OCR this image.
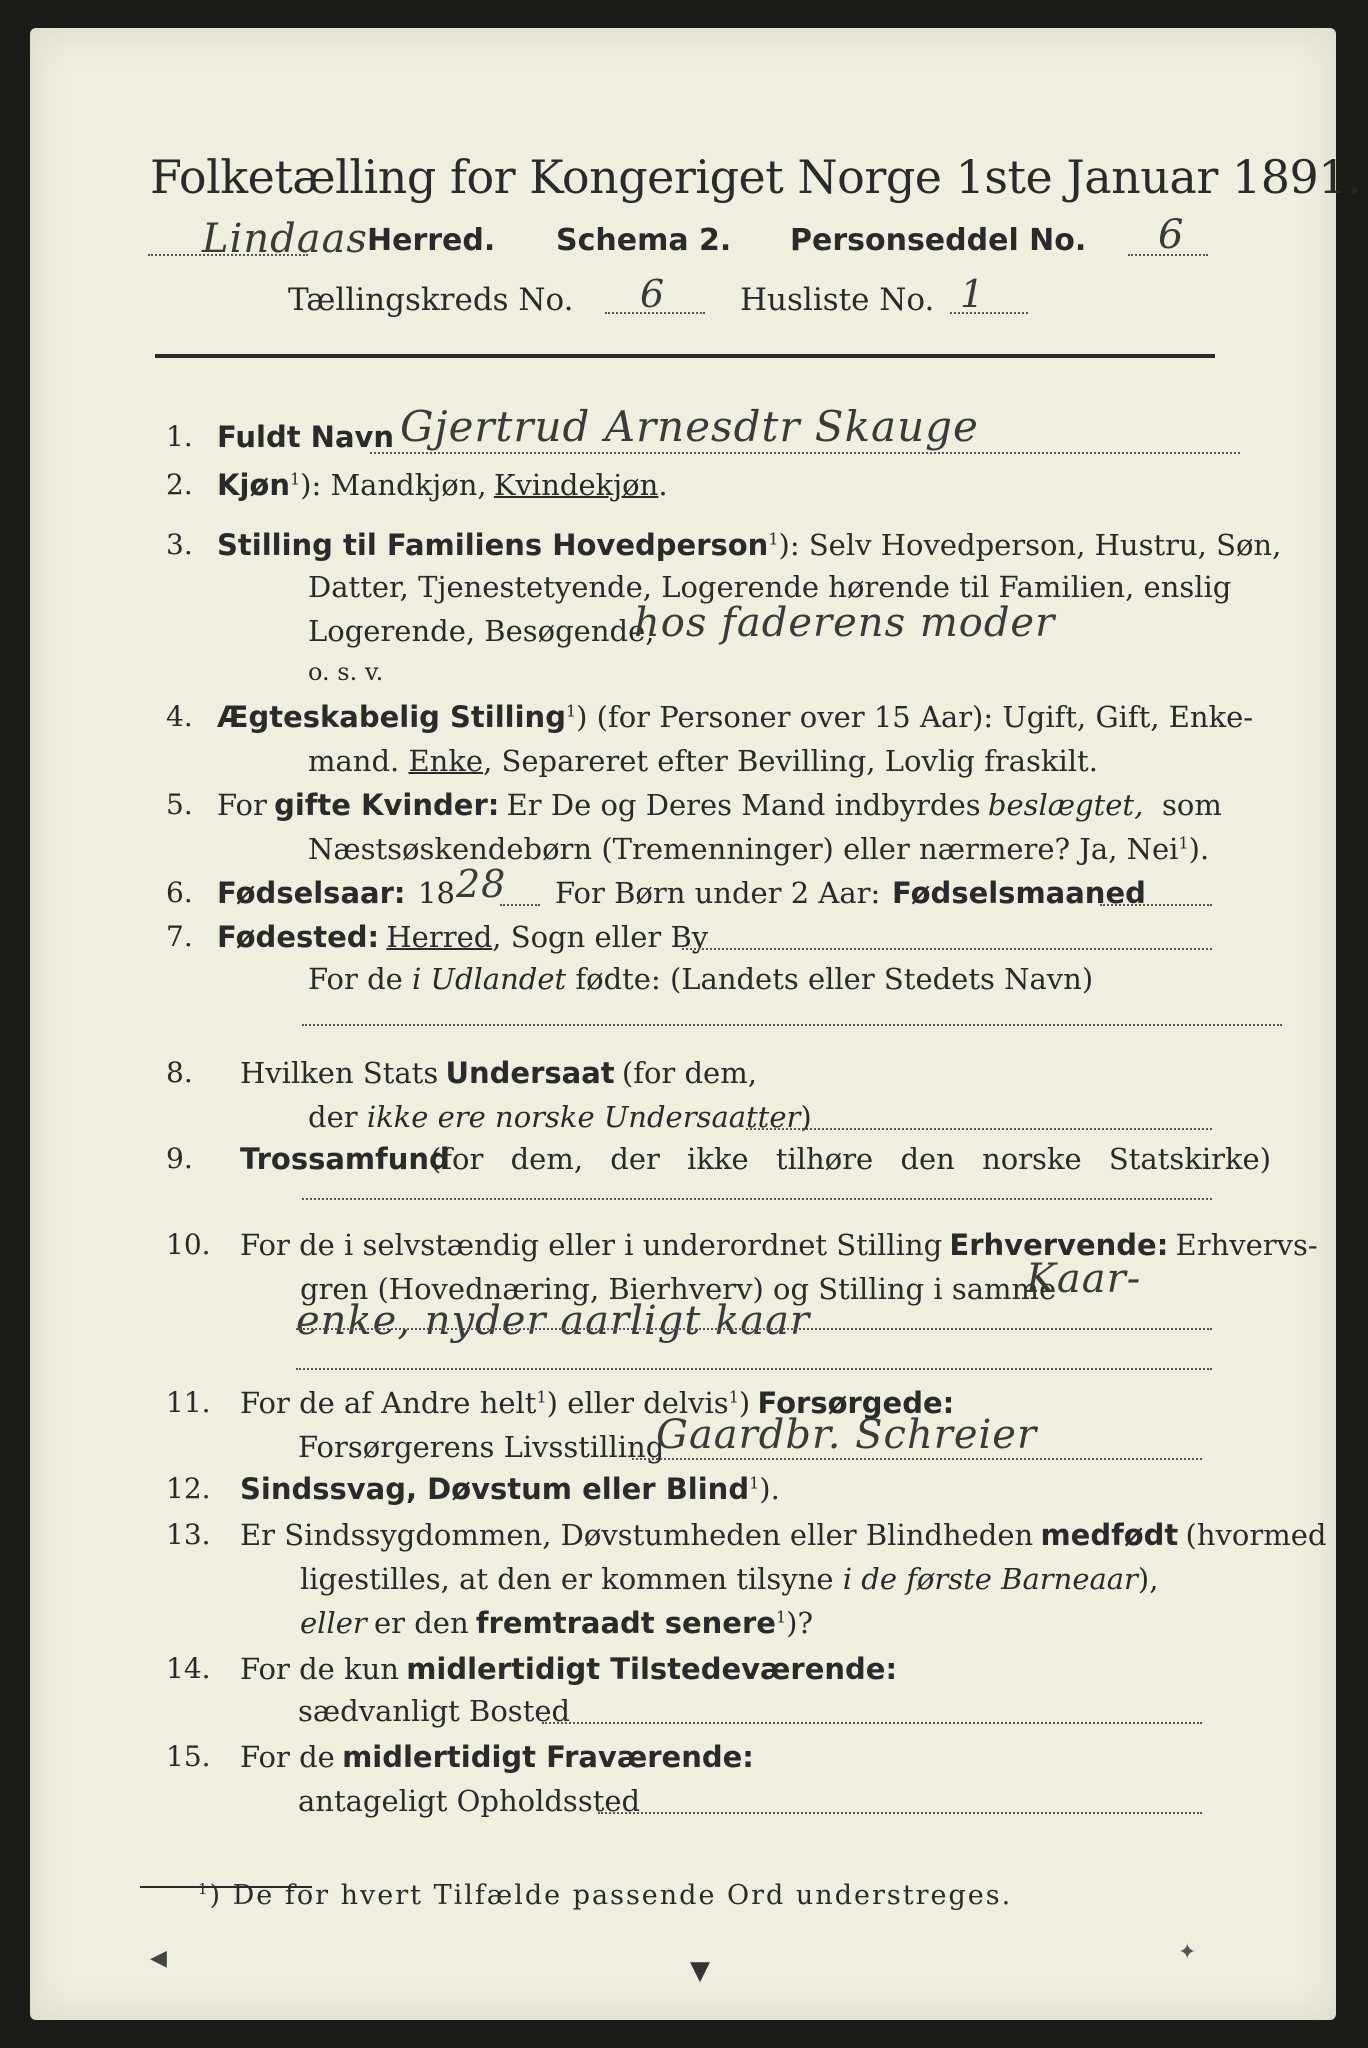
Folketælling for Kongeriget Norge 1ste Januar 1891.
Lindaas Herred. Schema 2. Personseddel No. 6
Tællingskreds No. 6 Husliste No. 1
1. Fuldt Navn Gjertrud Arnesdtr Skauge
2. Kjøn$^1$): Mandkjøn, Kvindekjøn.
3. Stilling til Familiens Hovedperson$^1$): Selv Hovedperson, Hustru, Søn,
Datter, Tjenestetyende, Logerende hørende til Familien, enslig
Logerende, Besøgende,
hos faderens moder
o. s. v.
4. Ægteskabelig Stilling$^1$) (for Personer over 15 Aar): Ugift, Gift, Enke-
mand. Enke, Separeret efter Bevilling, Lovlig fraskilt.
5. For gifte Kvinder: Er De og Deres Mand indbyrdes beslægtet, som
Næstsøskendebørn (Tremenninger) eller nærmere? Ja, Nei$^1$).
6. Fødselsaar: 18 28 For Børn under 2 Aar: Fødselsmaaned
7. Fødested: Herred, Sogn eller By
For de i Udlandet fødte: (Landets eller Stedets Navn)
8. Hvilken Stats Undersaat (for dem,
der ikke ere norske Undersaatter)
9. Trossamfund
(for dem, der ikke tilhøre den norske Statskirke)
10. For de i selvstændig eller i underordnet Stilling Erhvervende: Erhvervs-
gren (Hovednæring, Bierhverv) og Stilling i samme
Kaar-
enke, nyder aarligt kaar
11. For de af Andre helt$^1$) eller delvis$^1$) Forsørgede:
Forsørgerens Livsstilling
Gaardbr. Schreier
12. Sindssvag, Døvstum eller Blind$^1$).
13. Er Sindssygdommen, Døvstumheden eller Blindheden medfødt (hvormed
ligestilles, at den er kommen tilsyne i de første Barneaar),
eller er den fremtraadt senere$^1$)?
14. For de kun midlertidigt Tilstedeværende:
sædvanligt Bosted
15. For de midlertidigt Fraværende:
antageligt Opholdssted
$^1$) De for hvert Tilfælde passende Ord understreges.
◀	▼
✦
